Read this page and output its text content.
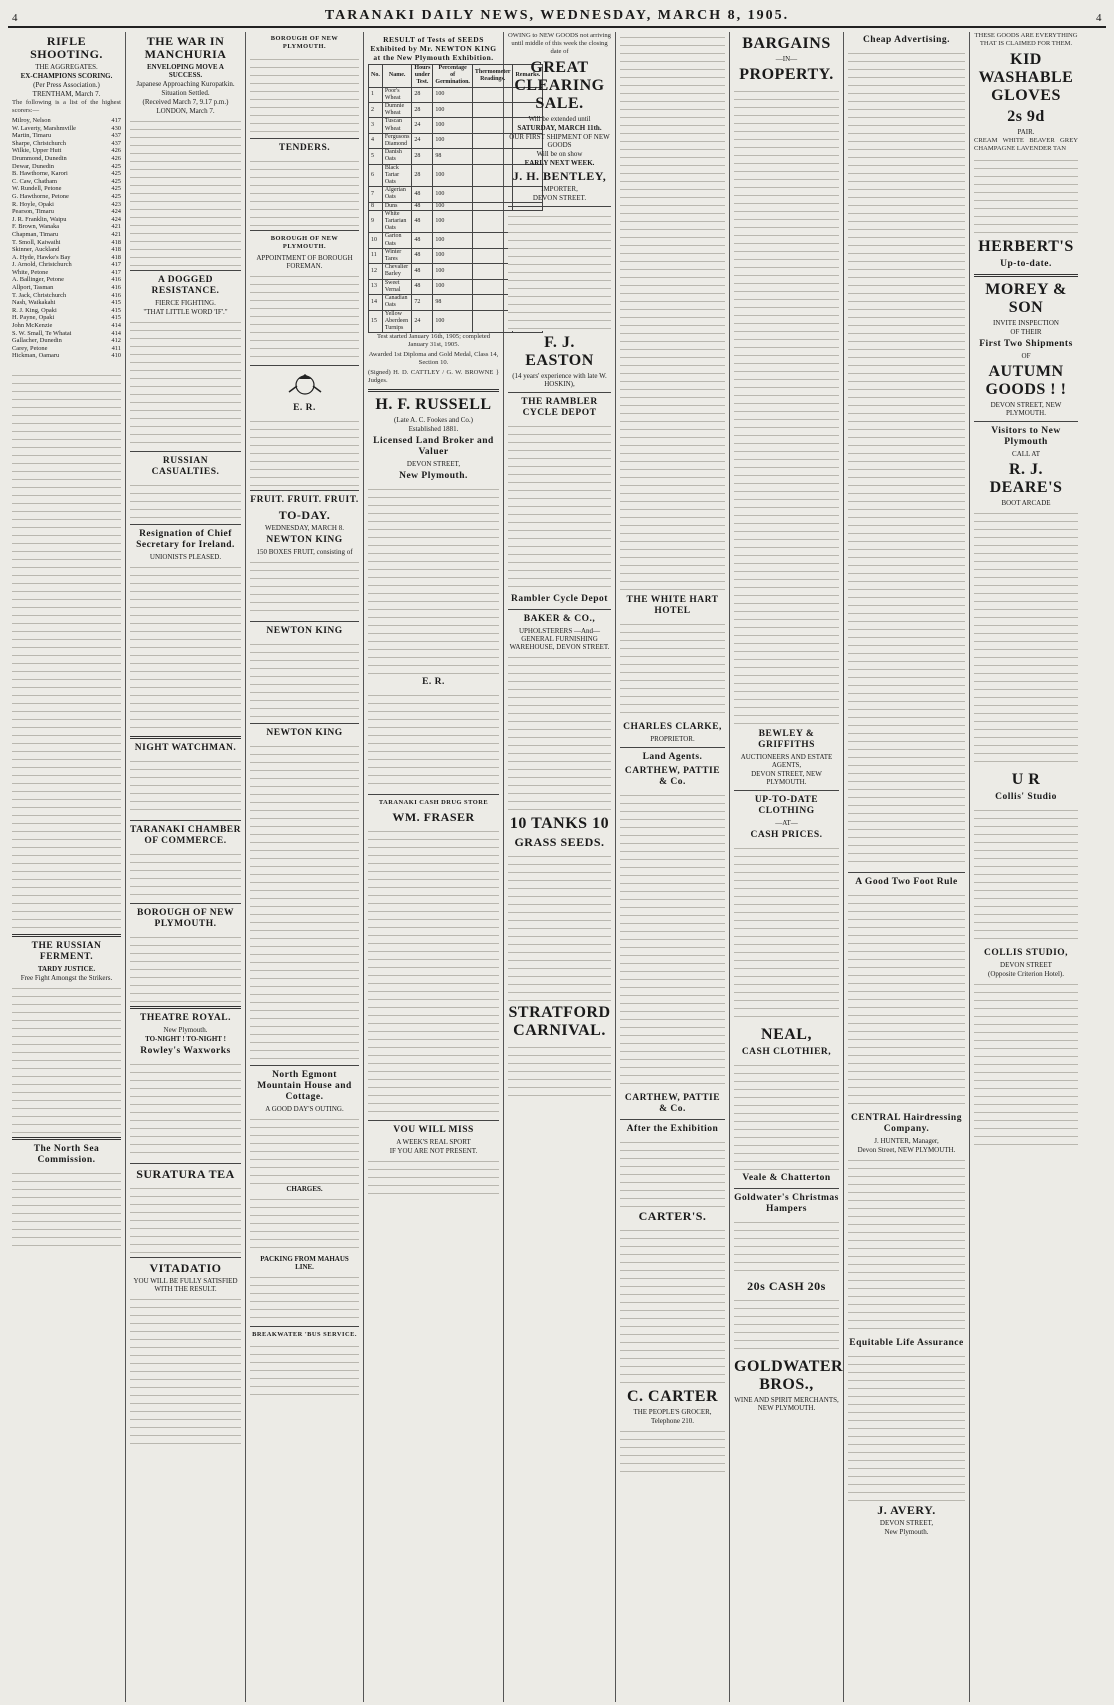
4	TARANAKI DAILY NEWS, WEDNESDAY, MARCH 8, 1905.	4
RIFLE SHOOTING.
THE AGGREGATES.
EX-CHAMPIONS SCORING.
(Per Press Association.)
TRENTHAM, March 7.
The following is a list of the highest scorers:—
Milroy, Nelson	417
W. Laverty, Marshmville	430
Martin, Timaru	437
Sharpe, Christchurch	437
Wilkie, Upper Hutt	426
Drummond, Dunedin	426
Dewar, Dunedin	425
B. Hawthorne, Karori	425
C. Caw, Chatham	425
W. Rundell, Petone	425
G. Hawthorne, Petone	425
R. Hoyle, Opaki	423
Pearson, Timaru	424
J. R. Franklin, Waipu	424
F. Brown, Wanaka	421
Chapman, Timaru	421
T. Smoll, Kaiwaihi	418
Skinner, Auckland	418
A. Hyde, Hawke's Bay	418
J. Arnold, Christchurch	417
White, Petone	417
A. Ballinger, Petone	416
Allport, Tasman	416
T. Jack, Christchurch	416
Nash, Waikakahi	415
R. J. King, Opaki	415
H. Payne, Opaki	415
John McKenzie	414
S. W. Small, Te Whatai	414
Gallacher, Dunedin	412
Carey, Petone	411
Hickman, Oamaru	410

THE RUSSIAN FERMENT.
TARDY JUSTICE.
Free Fight Amongst the Strikers.
The North Sea Commission.
THE WAR IN MANCHURIA
ENVELOPING MOVE A SUCCESS.
Japanese Approaching Kuropatkin.
Situation Settled.
(Received March 7, 9.17 p.m.)
LONDON, March 7.
A DOGGED RESISTANCE.
FIERCE FIGHTING.
"THAT LITTLE WORD 'IF'."
RUSSIAN CASUALTIES.
Resignation of Chief Secretary for Ireland.
UNIONISTS PLEASED.
NIGHT WATCHMAN.
TARANAKI CHAMBER OF COMMERCE.
BOROUGH OF NEW PLYMOUTH.
THEATRE ROYAL.
New Plymouth.
TO-NIGHT ! TO-NIGHT !
Rowley's Waxworks
SURATURA TEA
VITADATIO
YOU WILL BE FULLY SATISFIED WITH THE RESULT.
BOROUGH OF NEW PLYMOUTH.
TENDERS.
BOROUGH OF NEW PLYMOUTH.
APPOINTMENT OF BOROUGH FOREMAN.
E. R.
FRUIT. FRUIT. FRUIT.
TO-DAY.
WEDNESDAY, MARCH 8.
NEWTON KING
150 BOXES FRUIT, consisting of
NEWTON KING
NEWTON KING
North Egmont Mountain House and Cottage.
A GOOD DAY'S OUTING.
CHARGES.
PACKING FROM MAHAUS LINE.
BREAKWATER 'BUS SERVICE.
RESULT of Tests of SEEDS Exhibited by Mr. NEWTON KING at the New Plymouth Exhibition.
No.	Name.	Hours under Test.	Percentage of Germination.	Thermometer Readings.	Remarks.
1	Poor's Wheat	28	100		
2	Dumnie Wheat	28	100		
3	Tuscan Wheat	24	100		
4	Fergusons Diamond	24	100		
5	Danish Oats	28	98		
6	Black Tartar Oats	28	100		
7	Algerian Oats	48	100		
8	Duns	48	100		
9	White Tartarian Oats	48	100		
10	Garton Oats	48	100		
11	Winter Tares	48	100		
12	Chevalier Barley	48	100		
13	Sweet Vernal	48	100		
14	Canadian Oats	72	98		
15	Yellow Aberdeen Turnips	24	100		
Test started January 16th, 1905; completed January 31st, 1905.
Awarded 1st Diploma and Gold Medal, Class 14, Section 10.
(Signed) H. D. CATTLEY / G. W. BROWNE } Judges.
H. F. RUSSELL
(Late A. C. Fookes and Co.)
Established 1881.
Licensed Land Broker and Valuer
DEVON STREET,
New Plymouth.
E. R.
TARANAKI CASH DRUG STORE
WM. FRASER
VOU WILL MISS
A WEEK'S REAL SPORT
IF YOU ARE NOT PRESENT.
OWING to NEW GOODS not arriving until middle of this week the closing date of
GREAT CLEARING SALE.
Will be extended until
SATURDAY, MARCH 11th.
OUR FIRST SHIPMENT OF NEW GOODS
Will be on show
EARLY NEXT WEEK.
J. H. BENTLEY,
IMPORTER,
DEVON STREET.
F. J. EASTON
(14 years' experience with late W. HOSKIN),
THE RAMBLER CYCLE DEPOT
Rambler Cycle Depot
BAKER & CO.,
UPHOLSTERERS —And— GENERAL FURNISHING WAREHOUSE, DEVON STREET.
10 TANKS 10
GRASS SEEDS.
STRATFORD CARNIVAL.
THE WHITE HART HOTEL
CHARLES CLARKE,
PROPRIETOR.
Land Agents.
CARTHEW, PATTIE & Co.
CARTHEW, PATTIE & Co.
After the Exhibition
CARTER'S.
C. CARTER
THE PEOPLE'S GROCER,
Telephone 210.
BARGAINS
—IN—
PROPERTY.
BEWLEY & GRIFFITHS
AUCTIONEERS AND ESTATE AGENTS,
DEVON STREET, NEW PLYMOUTH.
UP-TO-DATE CLOTHING
—AT—
CASH PRICES.
NEAL,
CASH CLOTHIER,
Veale & Chatterton
Goldwater's Christmas Hampers
20s CASH 20s
GOLDWATER BROS.,
WINE AND SPIRIT MERCHANTS, NEW PLYMOUTH.
Cheap Advertising.
A Good Two Foot Rule
CENTRAL Hairdressing Company.
J. HUNTER, Manager,
Devon Street, NEW PLYMOUTH.
Equitable Life Assurance
J. AVERY.
DEVON STREET,
New Plymouth.
THESE GOODS ARE EVERYTHING THAT IS CLAIMED FOR THEM.
KID WASHABLE GLOVES
2s 9d
PAIR.
CREAM WHITE BEAVER GREY CHAMPAGNE LAVENDER TAN
HERBERT'S
Up-to-date.
MOREY & SON
INVITE INSPECTION
OF THEIR
First Two Shipments
OF
AUTUMN GOODS ! !
DEVON STREET, NEW PLYMOUTH.
Visitors to New Plymouth
CALL AT
R. J. DEARE'S
BOOT ARCADE
U R
Collis' Studio
COLLIS STUDIO,
DEVON STREET
(Opposite Criterion Hotel).
